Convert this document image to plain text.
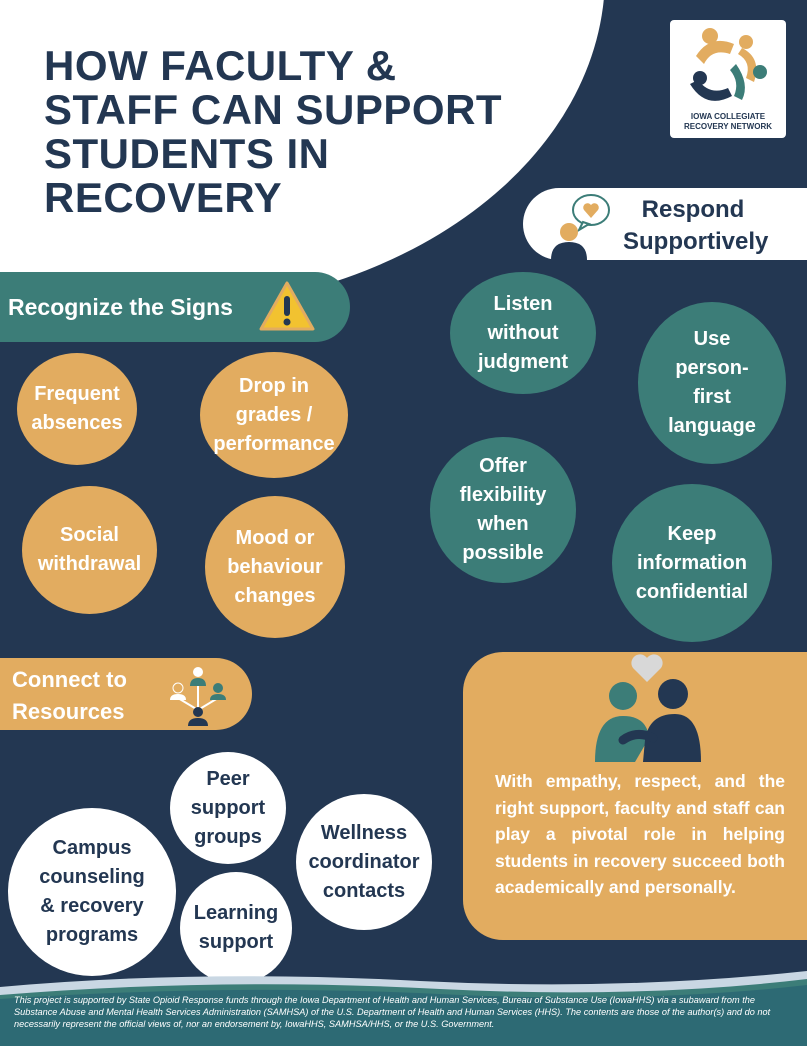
HOW FACULTY &
STAFF CAN SUPPORT
STUDENTS IN
RECOVERY
IOWA COLLEGIATE
RECOVERY NETWORK
Respond
Supportively
Recognize the Signs
Frequent
absences
Drop in
grades /
performance
Social
withdrawal
Mood or
behaviour
changes
Listen
without
judgment
Use
person-
first
language
Offer
flexibility
when
possible
Keep
information
confidential
Connect to
Resources
Peer
support
groups
Campus
counseling
& recovery
programs
Wellness
coordinator
contacts
Learning
support
With empathy, respect, and the right support, faculty and staff can play a pivotal role in helping students in recovery succeed both academically and personally.
This project is supported by State Opioid Response funds through the Iowa Department of Health and Human Services, Bureau of Substance Use (IowaHHS) via a subaward from the Substance Abuse and Mental Health Services Administration (SAMHSA) of the U.S. Department of Health and Human Services (HHS). The contents are those of the author(s) and do not necessarily represent the official views of, nor an endorsement by, IowaHHS, SAMHSA/HHS, or the U.S. Government.
